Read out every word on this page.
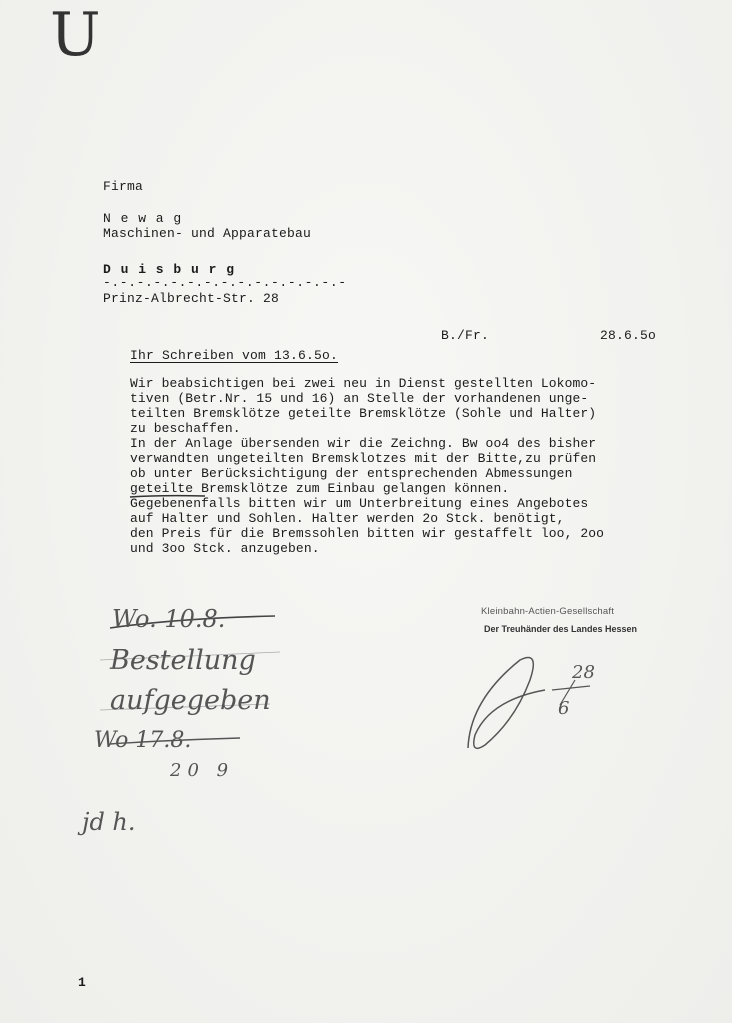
U
Firma
N e w a g
Maschinen- und Apparatebau
D u i s b u r g
-.-.-.-.-.-.-.-.-.-.-.-.-.-.-
Prinz-Albrecht-Str. 28
B./Fr.	28.6.5o
Ihr Schreiben vom 13.6.5o.
Wir beabsichtigen bei zwei neu in Dienst gestellten Lokomo-
tiven (Betr.Nr. 15 und 16) an Stelle der vorhandenen unge-
teilten Bremsklötze geteilte Bremsklötze (Sohle und Halter)
zu beschaffen.
In der Anlage übersenden wir die Zeichng. Bw oo4 des bisher
verwandten ungeteilten Bremsklotzes mit der Bitte,zu prüfen
ob unter Berücksichtigung der entsprechenden Abmessungen
geteilte Bremsklötze zum Einbau gelangen können.
Gegebenenfalls bitten wir um Unterbreitung eines Angebotes
auf Halter und Sohlen. Halter werden 2o Stck. benötigt,
den Preis für die Bremssohlen bitten wir gestaffelt loo, 2oo
und 3oo Stck. anzugeben.
Kleinbahn-Actien-Gesellschaft
Der Treuhänder des Landes Hessen
Wo. 10.8.
Bestellung
aufgegeben
Wo 17.8.
20 9
jd h.
28
6
1
